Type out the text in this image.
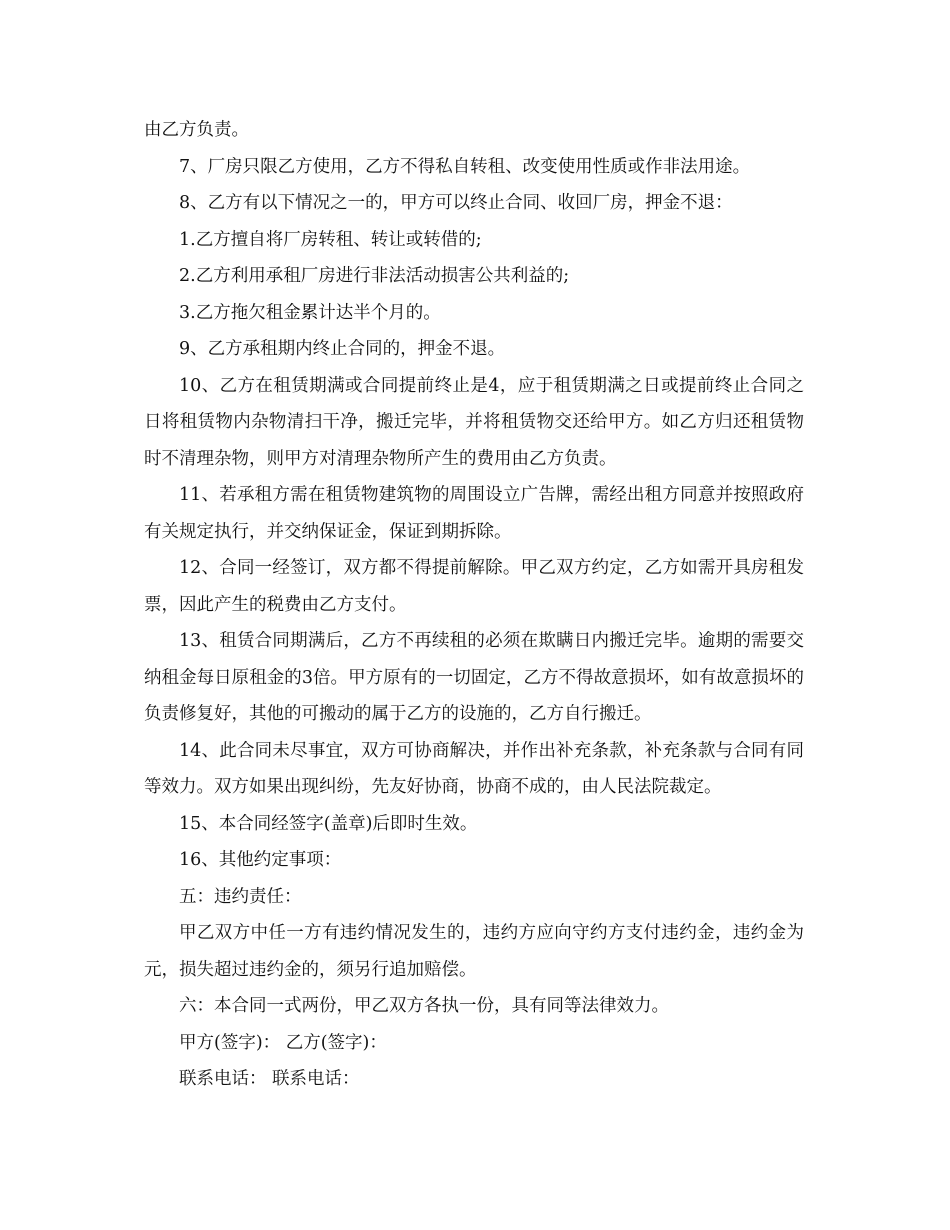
由乙方负责。

7、厂房只限乙方使用，乙方不得私自转租、改变使用性质或作非法用途。

8、乙方有以下情况之一的，甲方可以终止合同、收回厂房，押金不退：

1.乙方擅自将厂房转租、转让或转借的;

2.乙方利用承租厂房进行非法活动损害公共利益的;

3.乙方拖欠租金累计达半个月的。

9、乙方承租期内终止合同的，押金不退。

10、乙方在租赁期满或合同提前终止是4，应于租赁期满之日或提前终止合同之日将租赁物内杂物清扫干净，搬迁完毕，并将租赁物交还给甲方。如乙方归还租赁物时不清理杂物，则甲方对清理杂物所产生的费用由乙方负责。

11、若承租方需在租赁物建筑物的周围设立广告牌，需经出租方同意并按照政府有关规定执行，并交纳保证金，保证到期拆除。

12、合同一经签订，双方都不得提前解除。甲乙双方约定，乙方如需开具房租发票，因此产生的税费由乙方支付。

13、租赁合同期满后，乙方不再续租的必须在欺瞒日内搬迁完毕。逾期的需要交纳租金每日原租金的3倍。甲方原有的一切固定，乙方不得故意损坏，如有故意损坏的负责修复好，其他的可搬动的属于乙方的设施的，乙方自行搬迁。

14、此合同未尽事宜，双方可协商解决，并作出补充条款，补充条款与合同有同等效力。双方如果出现纠纷，先友好协商，协商不成的，由人民法院裁定。

15、本合同经签字(盖章)后即时生效。

16、其他约定事项：

五：违约责任：

甲乙双方中任一方有违约情况发生的，违约方应向守约方支付违约金，违约金为 元，损失超过违约金的，须另行追加赔偿。

六：本合同一式两份，甲乙双方各执一份，具有同等法律效力。

甲方(签字)： 乙方(签字)：

联系电话： 联系电话：
